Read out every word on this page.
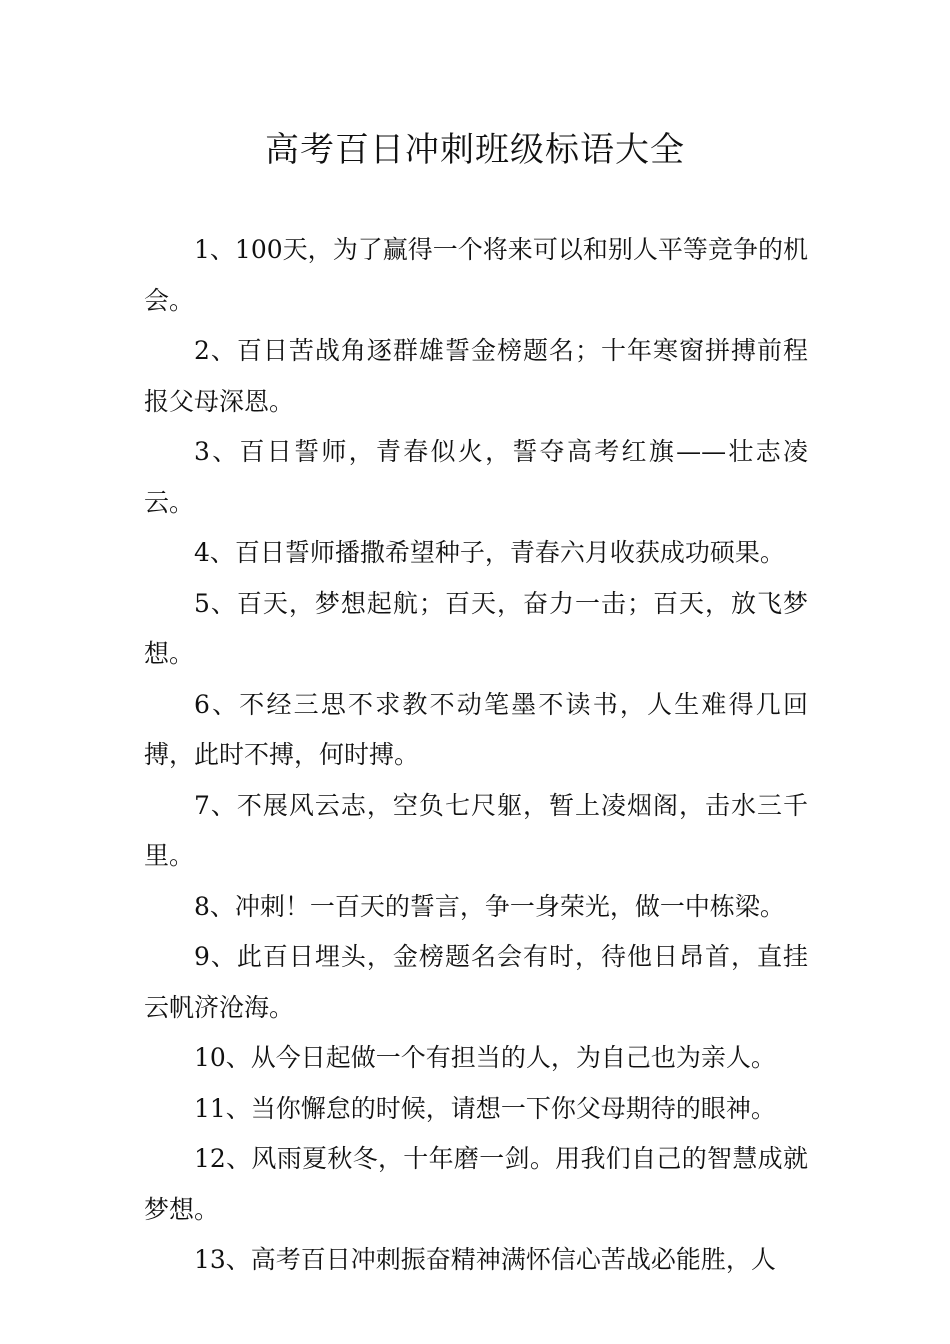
高考百日冲刺班级标语大全

1、100天，为了赢得一个将来可以和别人平等竞争的机会。

2、百日苦战角逐群雄誓金榜题名；十年寒窗拼搏前程报父母深恩。

3、百日誓师，青春似火，誓夺高考红旗——壮志凌云。

4、百日誓师播撒希望种子，青春六月收获成功硕果。

5、百天，梦想起航；百天，奋力一击；百天，放飞梦想。

6、不经三思不求教不动笔墨不读书，人生难得几回搏，此时不搏，何时搏。

7、不展风云志，空负七尺躯，暂上凌烟阁，击水三千里。

8、冲刺！一百天的誓言，争一身荣光，做一中栋梁。

9、此百日埋头，金榜题名会有时，待他日昂首，直挂云帆济沧海。

10、从今日起做一个有担当的人，为自己也为亲人。

11、当你懈怠的时候，请想一下你父母期待的眼神。

12、风雨夏秋冬，十年磨一剑。用我们自己的智慧成就梦想。

13、高考百日冲刺振奋精神满怀信心苦战必能胜，人
